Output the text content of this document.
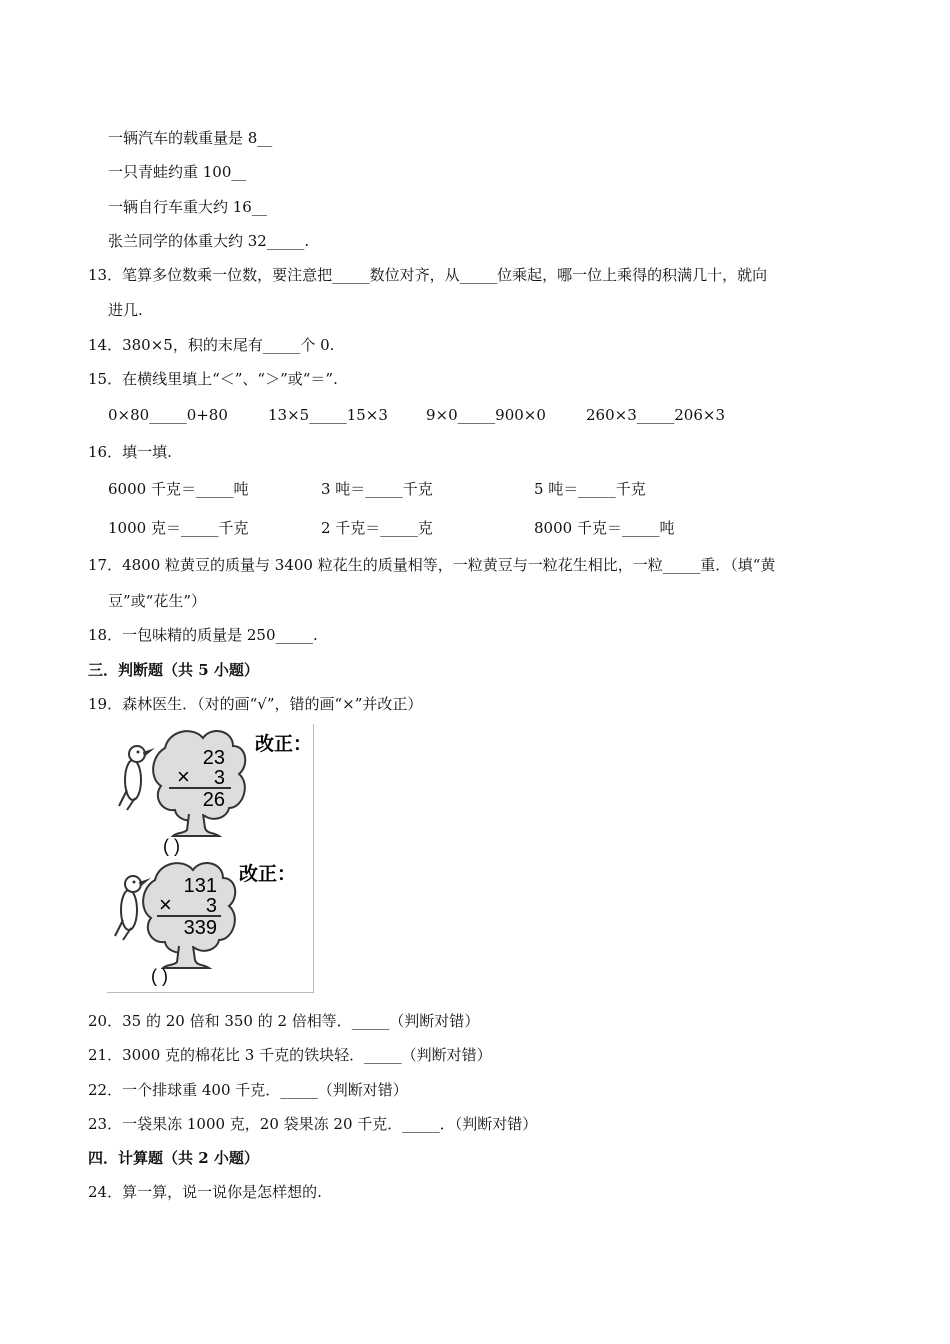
一辆汽车的载重量是 8__
一只青蛙约重 100__
一辆自行车重大约 16__
张兰同学的体重大约 32_____.
13．笔算多位数乘一位数，要注意把_____数位对齐，从_____位乘起，哪一位上乘得的积满几十，就向
进几.
14．380×5，积的末尾有_____个 0.
15．在横线里填上“＜”、“＞”或“＝”.
0×80_____0+80	13×5_____15×3	9×0_____900×0	260×3_____206×3
16．填一填.
6000 千克＝_____吨	3 吨＝_____千克	5 吨＝_____千克
1000 克＝_____千克	2 千克＝_____克	8000 千克＝_____吨
17．4800 粒黄豆的质量与 3400 粒花生的质量相等，一粒黄豆与一粒花生相比，一粒_____重．（填“黄
豆”或“花生”）
18．一包味精的质量是 250_____.
三．判断题（共 5 小题）
19．森林医生．（对的画“√”，错的画“×”并改正）
23
× 3
26
改正：
( )
131
× 3
339
改正：
( )
20．35 的 20 倍和 350 的 2 倍相等．_____（判断对错）
21．3000 克的棉花比 3 千克的铁块轻．_____（判断对错）
22．一个排球重 400 千克．_____（判断对错）
23．一袋果冻 1000 克，20 袋果冻 20 千克．_____．（判断对错）
四．计算题（共 2 小题）
24．算一算，说一说你是怎样想的.
